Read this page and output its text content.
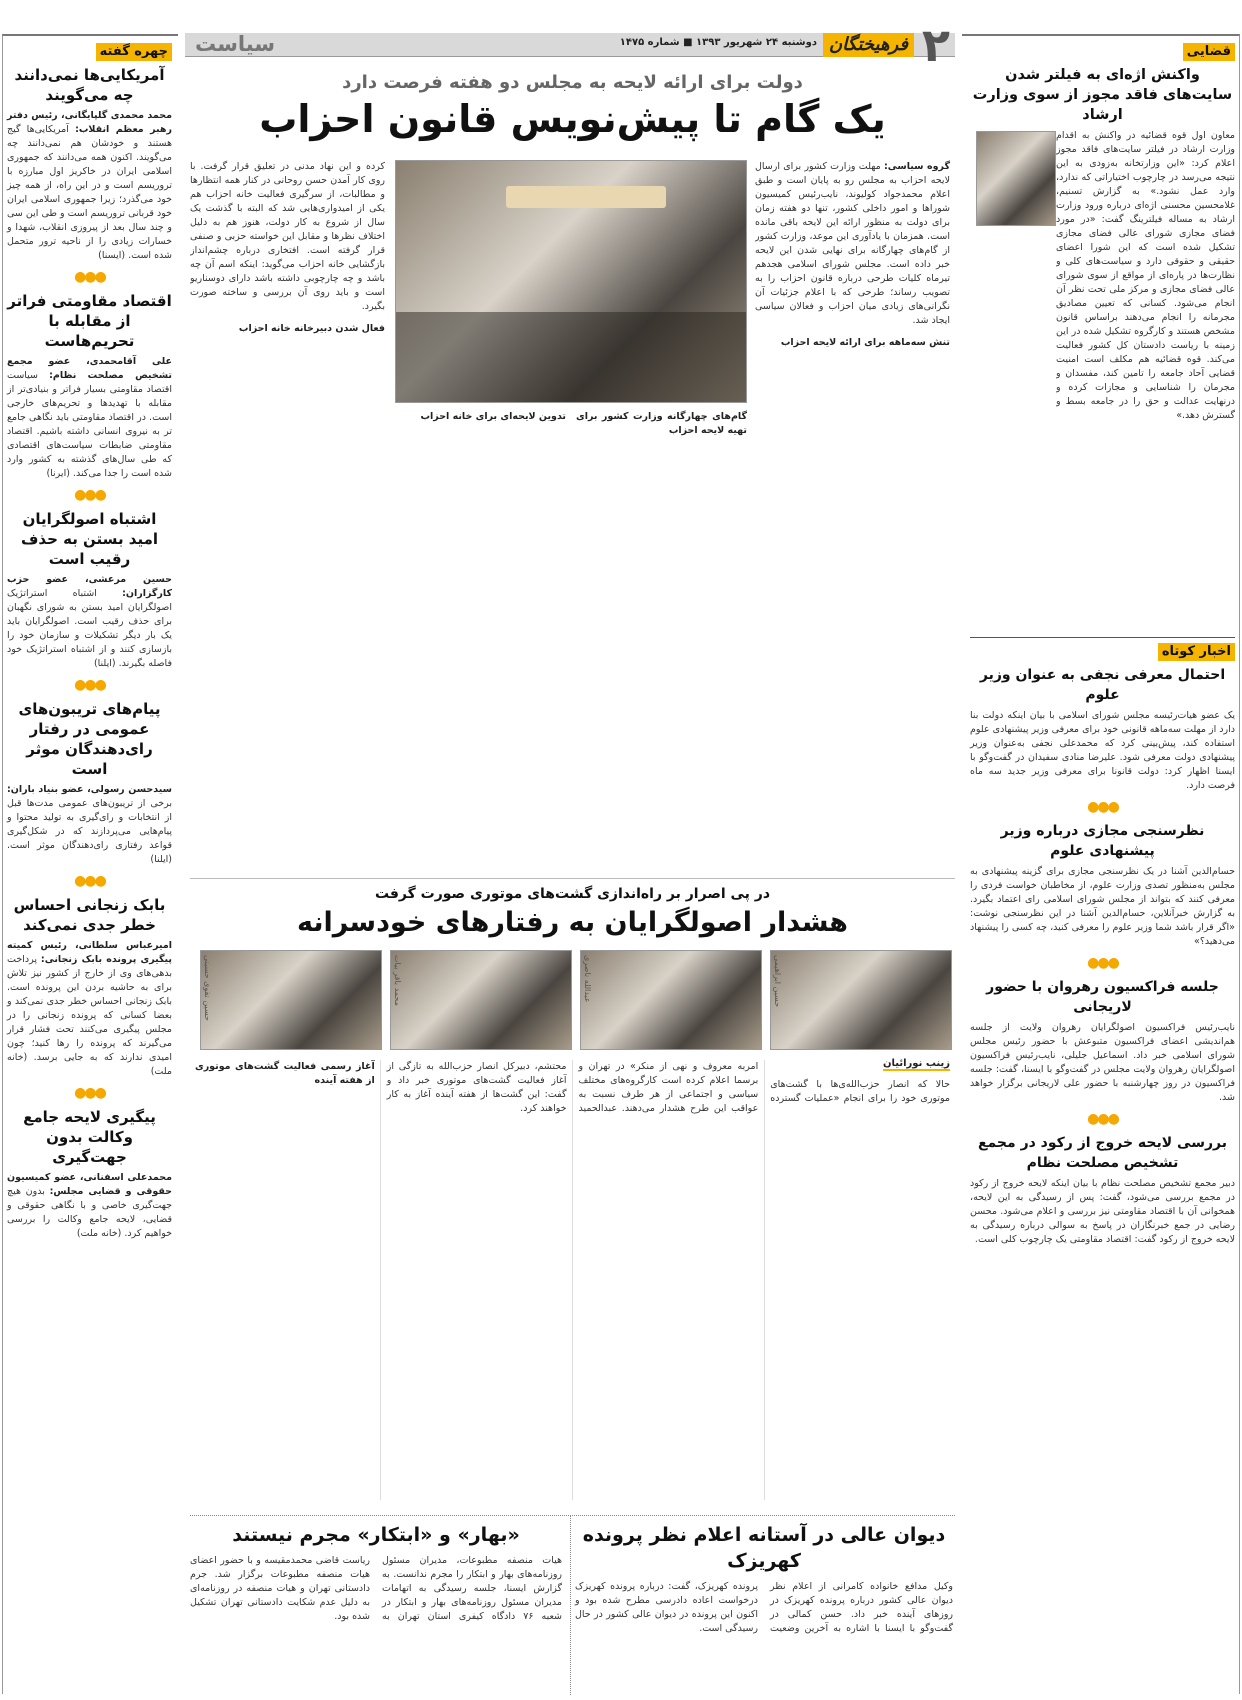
۲
فرهیختگان
دوشنبه ۲۴ شهریور ۱۳۹۳ ■ شماره ۱۴۷۵
سیاست
چهره گفته
آمریکایی‌ها نمی‌دانند چه می‌گویند
محمد محمدی گلپایگانی، رئیس دفتر رهبر معظم انقلاب: آمریکایی‌ها گیج هستند و خودشان هم نمی‌دانند چه می‌گویند. اکنون همه می‌دانند که جمهوری اسلامی ایران در خاکریز اول مبارزه با تروریسم است و در این راه، از همه چیز خود می‌گذرد؛ زیرا جمهوری اسلامی ایران خود قربانی تروریسم است و طی این سی و چند سال بعد از پیروزی انقلاب، شهدا و خسارات زیادی را از ناحیه ترور متحمل شده است. (ایسنا)
●●●
اقتصاد مقاومتی فراتر از مقابله با تحریم‌هاست
علی آقامحمدی، عضو مجمع تشخیص مصلحت نظام: سیاست اقتصاد مقاومتی بسیار فراتر و بنیادی‌تر از مقابله با تهدیدها و تحریم‌های خارجی است. در اقتصاد مقاومتی باید نگاهی جامع تر به نیروی انسانی داشته باشیم. اقتصاد مقاومتی ضابطات سیاست‌های اقتصادی که طی سال‌های گذشته به کشور وارد شده است را جدا می‌کند. (ایرنا)
●●●
اشتباه اصولگرایان امید بستن به حذف رقیب است
حسین مرعشی، عضو حزب کارگزاران: اشتباه استراتژیک اصولگرایان امید بستن به شورای نگهبان برای حذف رقیب است. اصولگرایان باید یک بار دیگر تشکیلات و سازمان خود را بازسازی کنند و از اشتباه استراتژیک خود فاصله بگیرند. (ایلنا)
●●●
پیام‌های تریبون‌های عمومی در رفتار رای‌دهندگان موثر است
سیدحسن رسولی، عضو بنیاد باران: برخی از تریبون‌های عمومی مدت‌ها قبل از انتخابات و رای‌گیری به تولید محتوا و پیام‌هایی می‌پردازند که در شکل‌گیری قواعد رفتاری رای‌دهندگان موثر است. (ایلنا)
●●●
بابک زنجانی احساس خطر جدی نمی‌کند
امیرعباس سلطانی، رئیس کمیته پیگیری پرونده بابک زنجانی: پرداخت بدهی‌های وی از خارج از کشور نیز تلاش برای به حاشیه بردن این پرونده است. بابک زنجانی احساس خطر جدی نمی‌کند و بعضا کسانی که پرونده زنجانی را در مجلس پیگیری می‌کنند تحت فشار قرار می‌گیرند که پرونده را رها کنید؛ چون امیدی ندارند که به جایی برسد. (خانه ملت)
●●●
پیگیری لایحه جامع وکالت بدون جهت‌گیری
محمدعلی اسفنانی، عضو کمیسیون حقوقی و قضایی مجلس: بدون هیچ جهت‌گیری خاصی و با نگاهی حقوقی و قضایی، لایحه جامع وکالت را بررسی خواهیم کرد. (خانه ملت)
دولت برای ارائه لایحه به مجلس دو هفته فرصت دارد
یک گام تا پیش‌نویس قانون احزاب
گروه سیاسی: مهلت وزارت کشور برای ارسال لایحه احزاب به مجلس رو به پایان است و طبق اعلام محمدجواد کولیوند، نایب‌رئیس کمیسیون شوراها و امور داخلی کشور، تنها دو هفته زمان برای دولت به منظور ارائه این لایحه باقی مانده است. همزمان با یادآوری این موعد، وزارت کشور از گام‌های چهارگانه برای نهایی شدن این لایحه خبر داده است. مجلس شورای اسلامی هجدهم تیرماه کلیات طرحی درباره قانون احزاب را به تصویب رساند؛ طرحی که با اعلام جزئیات آن نگرانی‌های زیادی میان احزاب و فعالان سیاسی ایجاد شد.
تنش سه‌ماهه برای ارائه لایحه احزاب
کرده و این نهاد مدنی در تعلیق قرار گرفت. با روی کار آمدن حسن روحانی در کنار همه انتظارها و مطالبات، از سرگیری فعالیت خانه احزاب هم یکی از امیدواری‌هایی شد که البته با گذشت یک سال از شروع به کار دولت، هنوز هم به دلیل اختلاف نظرها و مقابل این خواسته حزبی و صنفی قرار گرفته است. افتخاری درباره چشم‌انداز بازگشایی خانه احزاب می‌گوید: اینکه اسم آن چه باشد و چه چارچوبی داشته باشد دارای دوسناریو است و باید روی آن بررسی و ساخته صورت بگیرد.
فعال شدن دبیرخانه خانه احزاب
گام‌های چهارگانه وزارت کشور برای تهیه لایحه احزاب
تدوین لایحه‌ای برای خانه احزاب
در پی اصرار بر راه‌اندازی گشت‌های موتوری صورت گرفت
هشدار اصولگرایان به رفتارهای خودسرانه
حسین ابراهیمی
عبدالله ناصری
محمد باقر بیات
حسین نقوی حسینی
زینب نورائیان
حالا که انصار حزب‌الله‌ی‌ها با گشت‌های موتوری خود را برای انجام «عملیات گسترده امربه معروف و نهی از منکر» در تهران و برسما اعلام کرده است کارگروه‌های مختلف سیاسی و اجتماعی از هر طرف نسبت به عواقب این طرح هشدار می‌دهند. عبدالحمید محتشم، دبیرکل انصار حزب‌الله به تازگی از آغاز فعالیت گشت‌های موتوری خبر داد و گفت: این گشت‌ها از هفته آینده آغاز به کار خواهند کرد.
آغاز رسمی فعالیت گشت‌های موتوری از هفته آینده
دیوان عالی در آستانه اعلام نظر پرونده کهریزک
وکیل مدافع خانواده کامرانی از اعلام نظر دیوان عالی کشور درباره پرونده کهریزک در روزهای آینده خبر داد. حسن کمالی در گفت‌وگو با ایسنا با اشاره به آخرین وضعیت پرونده کهریزک، گفت: درباره پرونده کهریزک درخواست اعاده دادرسی مطرح شده بود و اکنون این پرونده در دیوان عالی کشور در حال رسیدگی است.
«بهار» و «ابتکار» مجرم نیستند
هیات منصفه مطبوعات، مدیران مسئول روزنامه‌های بهار و ابتکار را مجرم ندانست. به گزارش ایسنا، جلسه رسیدگی به اتهامات مدیران مسئول روزنامه‌های بهار و ابتکار در شعبه ۷۶ دادگاه کیفری استان تهران به ریاست قاضی محمدمقیسه و با حضور اعضای هیات منصفه مطبوعات برگزار شد. جرم دادستانی تهران و هیات منصفه در روزنامه‌ای به دلیل عدم شکایت دادستانی تهران تشکیل شده بود.
قضایی
واکنش اژه‌ای به فیلتر شدن سایت‌های فاقد مجوز از سوی وزارت ارشاد
معاون اول قوه قضائیه در واکنش به اقدام وزارت ارشاد در فیلتر سایت‌های فاقد مجوز اعلام کرد: «این وزارتخانه به‌زودی به این نتیجه می‌رسد در چارچوب اختیاراتی که ندارد، وارد عمل نشود.» به گزارش تسنیم، غلامحسین محسنی اژه‌ای درباره ورود وزارت ارشاد به مساله فیلترینگ گفت: «در مورد فضای مجازی شورای عالی فضای مجازی تشکیل شده است که این شورا اعضای حقیقی و حقوقی دارد و سیاست‌های کلی و نظارت‌ها در پاره‌ای از مواقع از سوی شورای عالی فضای مجازی و مرکز ملی تحت نظر آن انجام می‌شود. کسانی که تعیین مصادیق مجرمانه را انجام می‌دهند براساس قانون مشخص هستند و کارگروه تشکیل شده در این زمینه با ریاست دادستان کل کشور فعالیت می‌کند. قوه قضائیه هم مکلف است امنیت قضایی آحاد جامعه را تامین کند، مفسدان و مجرمان را شناسایی و مجازات کرده و درنهایت عدالت و حق را در جامعه بسط و گسترش دهد.»
اخبار کوتاه
احتمال معرفی نجفی به عنوان وزیر علوم
یک عضو هیات‌رئیسه مجلس شورای اسلامی با بیان اینکه دولت بنا دارد از مهلت سه‌ماهه قانونی خود برای معرفی وزیر پیشنهادی علوم استفاده کند، پیش‌بینی کرد که محمدعلی نجفی به‌عنوان وزیر پیشنهادی دولت معرفی شود. علیرضا منادی سفیدان در گفت‌وگو با ایسنا اظهار کرد: دولت قانونا برای معرفی وزیر جدید سه ماه فرصت دارد.
●●●
نظرسنجی مجازی درباره وزیر پیشنهادی علوم
حسام‌الدین آشنا در یک نظرسنجی مجازی برای گزینه پیشنهادی به مجلس به‌منظور تصدی وزارت علوم، از مخاطبان خواست فردی را معرفی کنند که بتواند از مجلس شورای اسلامی رای اعتماد بگیرد. به گزارش خبرآنلاین، حسام‌الدین آشنا در این نظرسنجی نوشت: «اگر قرار باشد شما وزیر علوم را معرفی کنید، چه کسی را پیشنهاد می‌دهید؟»
●●●
جلسه فراکسیون رهروان با حضور لاریجانی
نایب‌رئیس فراکسیون اصولگرایان رهروان ولایت از جلسه هم‌اندیشی اعضای فراکسیون متبوعش با حضور رئیس مجلس شورای اسلامی خبر داد. اسماعیل جلیلی، نایب‌رئیس فراکسیون اصولگرایان رهروان ولایت مجلس در گفت‌وگو با ایسنا، گفت: جلسه فراکسیون در روز چهارشنبه با حضور علی لاریجانی برگزار خواهد شد.
●●●
بررسی لایحه خروج از رکود در مجمع تشخیص مصلحت نظام
دبیر مجمع تشخیص مصلحت نظام با بیان اینکه لایحه خروج از رکود در مجمع بررسی می‌شود، گفت: پس از رسیدگی به این لایحه، همخوانی آن با اقتصاد مقاومتی نیز بررسی و اعلام می‌شود. محسن رضایی در جمع خبرنگاران در پاسخ به سوالی درباره رسیدگی به لایحه خروج از رکود گفت: اقتصاد مقاومتی یک چارچوب کلی است.
